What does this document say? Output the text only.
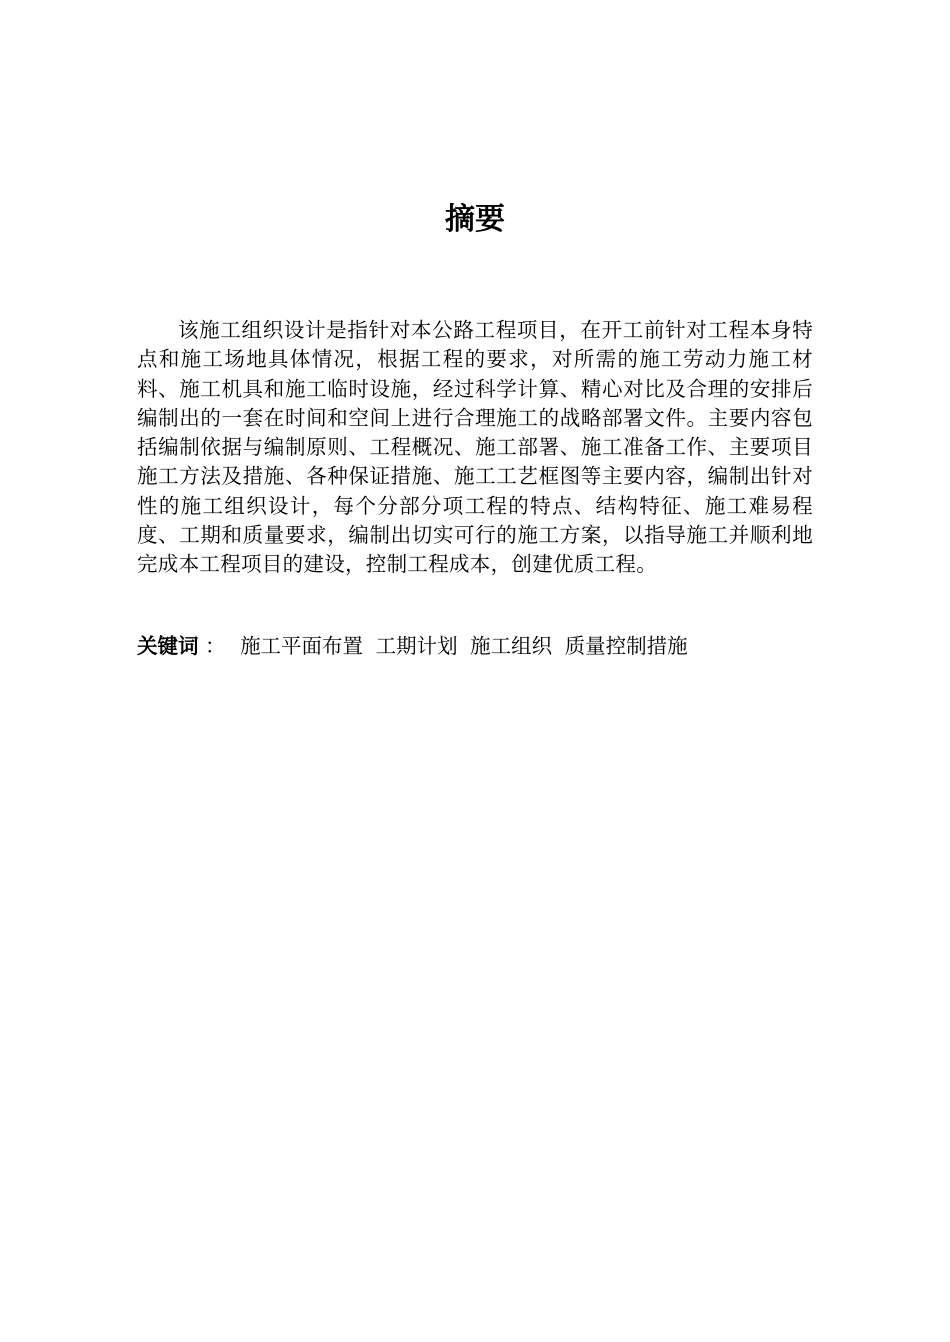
摘要

该施工组织设计是指针对本公路工程项目，在开工前针对工程本身特点和施工场地具体情况，根据工程的要求，对所需的施工劳动力施工材料、施工机具和施工临时设施，经过科学计算、精心对比及合理的安排后编制出的一套在时间和空间上进行合理施工的战略部署文件。主要内容包括编制依据与编制原则、工程概况、施工部署、施工准备工作、主要项目施工方法及措施、各种保证措施、施工工艺框图等主要内容，编制出针对性的施工组织设计，每个分部分项工程的特点、结构特征、施工难易程度、工期和质量要求，编制出切实可行的施工方案，以指导施工并顺利地完成本工程项目的建设，控制工程成本，创建优质工程。

关键词 ： 施工平面布置 工期计划 施工组织 质量控制措施
